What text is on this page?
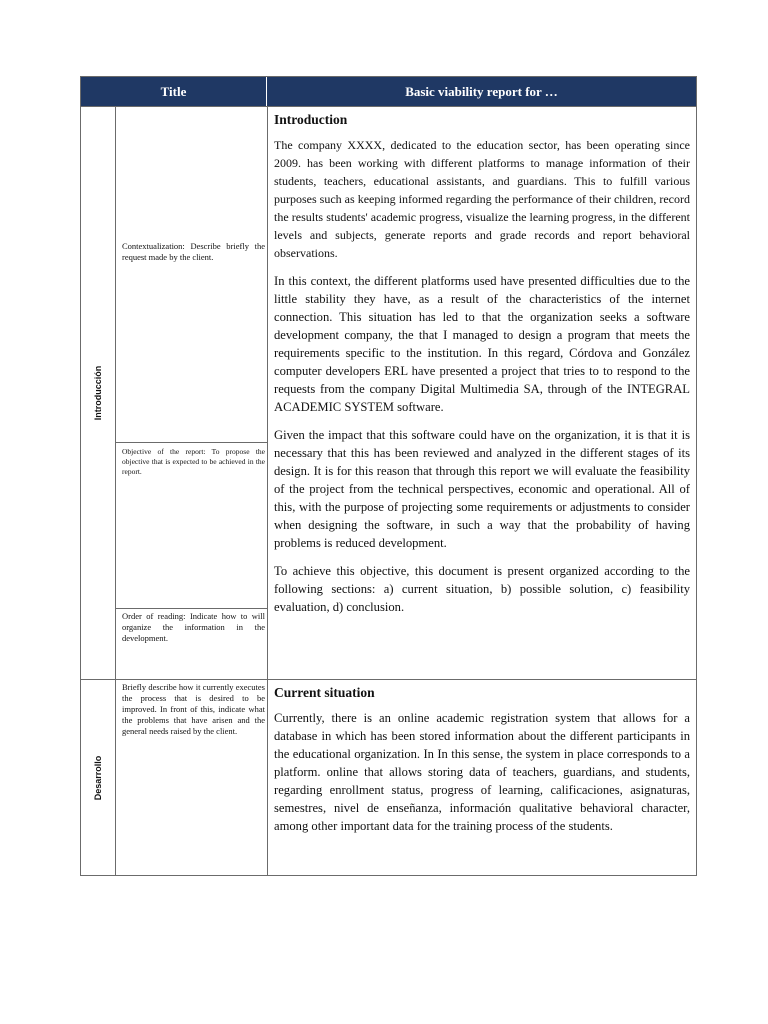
Title	Basic viability report for …
Introducción
Contextualization: Describe briefly the request made by the client.
Objective of the report: To propose the objective that is expected to be achieved in the report.
Order of reading: Indicate how to will organize the information in the development.
Introduction

The company XXXX, dedicated to the education sector, has been operating since 2009. has been working with different platforms to manage information of their students, teachers, educational assistants, and guardians. This to fulfill various purposes such as keeping informed regarding the performance of their children, record the results students' academic progress, visualize the learning progress, in the different levels and subjects, generate reports and grade records and report behavioral observations.

In this context, the different platforms used have presented difficulties due to the little stability they have, as a result of the characteristics of the internet connection. This situation has led to that the organization seeks a software development company, the that I managed to design a program that meets the requirements specific to the institution. In this regard, Córdova and González computer developers ERL have presented a project that tries to to respond to the requests from the company Digital Multimedia SA, through of the INTEGRAL ACADEMIC SYSTEM software.

Given the impact that this software could have on the organization, it is that it is necessary that this has been reviewed and analyzed in the different stages of its design. It is for this reason that through this report we will evaluate the feasibility of the project from the technical perspectives, economic and operational. All of this, with the purpose of projecting some requirements or adjustments to consider when designing the software, in such a way that the probability of having problems is reduced development.

To achieve this objective, this document is present organized according to the following sections: a) current situation, b) possible solution, c) feasibility evaluation, d) conclusion.

Desarrollo
Briefly describe how it currently executes the process that is desired to be improved. In front of this, indicate what the problems that have arisen and the general needs raised by the client.
Current situation

Currently, there is an online academic registration system that allows for a database in which has been stored information about the different participants in the educational organization. In In this sense, the system in place corresponds to a platform. online that allows storing data of teachers, guardians, and students, regarding enrollment status, progress of learning, calificaciones, asignaturas, semestres, nivel de enseñanza, información qualitative behavioral character, among other important data for the training process of the students.
